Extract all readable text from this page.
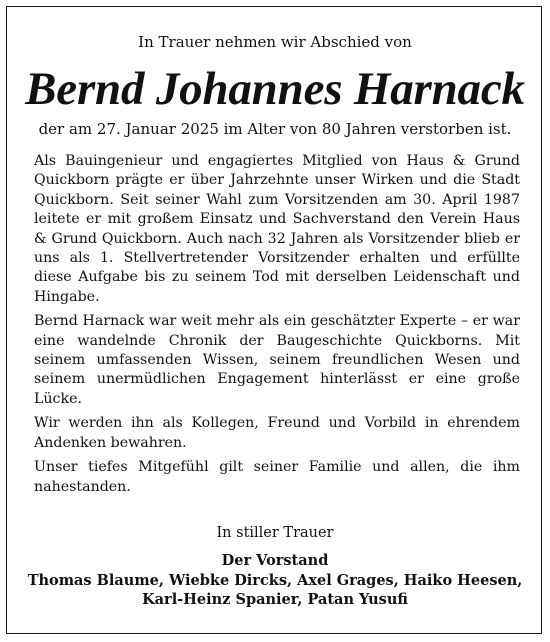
In Trauer nehmen wir Abschied von
Bernd Johannes Harnack
der am 27. Januar 2025 im Alter von 80 Jahren verstorben ist.

Als Bauingenieur und engagiertes Mitglied von Haus & Grund Quickborn prägte er über Jahrzehnte unser Wirken und die Stadt Quickborn. Seit seiner Wahl zum Vorsitzenden am 30. April 1987 leitete er mit großem Einsatz und Sachverstand den Verein Haus & Grund Quickborn. Auch nach 32 Jahren als Vorsitzender blieb er uns als 1. Stellvertretender Vorsitzender erhalten und erfüllte diese Aufgabe bis zu seinem Tod mit derselben Leidenschaft und Hingabe.

Bernd Harnack war weit mehr als ein geschätzter Experte – er war eine wandelnde Chronik der Baugeschichte Quickborns. Mit seinem umfassenden Wissen, seinem freundlichen Wesen und seinem unermüdlichen Engagement hinterlässt er eine große Lücke.

Wir werden ihn als Kollegen, Freund und Vorbild in ehrendem Andenken bewahren.

Unser tiefes Mitgefühl gilt seiner Familie und allen, die ihm nahestanden.

In stiller Trauer
Der Vorstand
Thomas Blaume, Wiebke Dircks, Axel Grages, Haiko Heesen,
Karl-Heinz Spanier, Patan Yusufi
